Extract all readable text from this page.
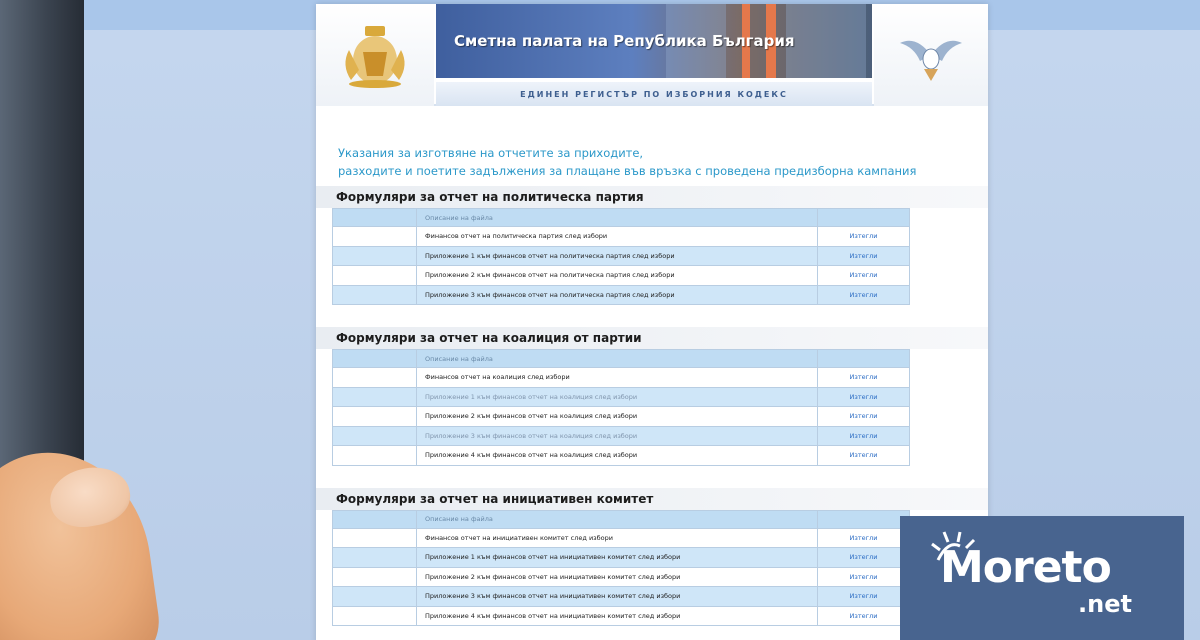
Сметна палата на Република България
ЕДИНЕН РЕГИСТЪР ПО ИЗБОРНИЯ КОДЕКС
Указания за изготвяне на отчетите за приходите,
разходите и поетите задължения за плащане във връзка с проведена предизборна кампания
Формуляри за отчет на политическа партия
	Описание на файла	
	Финансов отчет на политическа партия след избори	Изтегли
	Приложение 1 към финансов отчет на политическа партия след избори	Изтегли
	Приложение 2 към финансов отчет на политическа партия след избори	Изтегли
	Приложение 3 към финансов отчет на политическа партия след избори	Изтегли
Формуляри за отчет на коалиция от партии
	Описание на файла	
	Финансов отчет на коалиция след избори	Изтегли
	Приложение 1 към финансов отчет на коалиция след избори	Изтегли
	Приложение 2 към финансов отчет на коалиция след избори	Изтегли
	Приложение 3 към финансов отчет на коалиция след избори	Изтегли
	Приложение 4 към финансов отчет на коалиция след избори	Изтегли
Формуляри за отчет на инициативен комитет
	Описание на файла	
	Финансов отчет на инициативен комитет след избори	Изтегли
	Приложение 1 към финансов отчет на инициативен комитет след избори	Изтегли
	Приложение 2 към финансов отчет на инициативен комитет след избори	Изтегли
	Приложение 3 към финансов отчет на инициативен комитет след избори	Изтегли
	Приложение 4 към финансов отчет на инициативен комитет след избори	Изтегли
Moreto
.net
